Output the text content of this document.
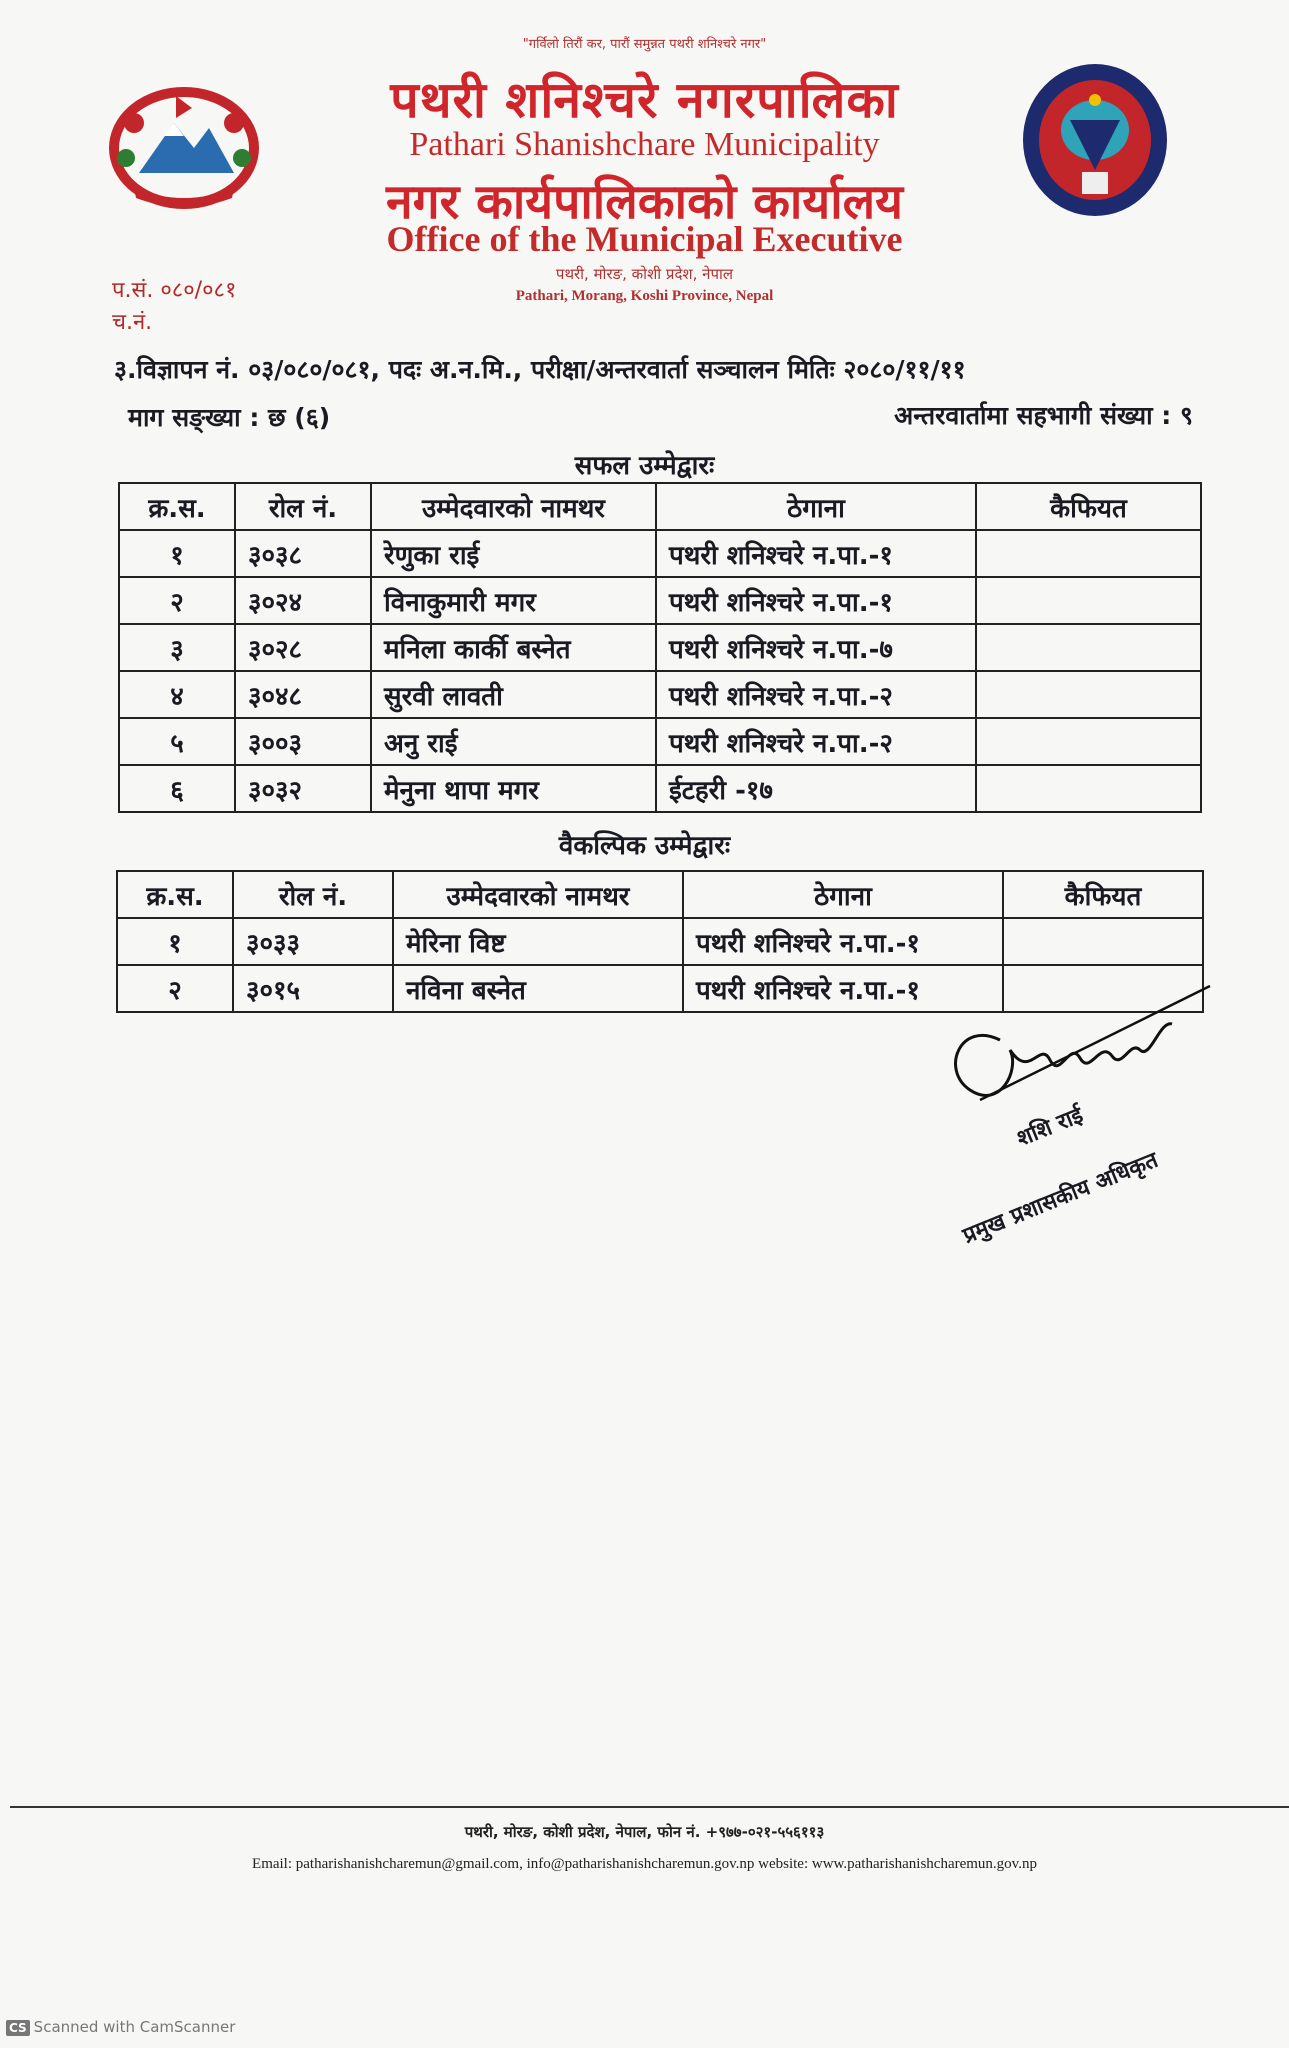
"गर्विलो तिरौं कर, पारौं समुन्नत पथरी शनिश्चरे नगर"
पथरी शनिश्चरे नगरपालिका
Pathari Shanishchare Municipality
नगर कार्यपालिकाको कार्यालय
Office of the Municipal Executive
पथरी, मोरङ, कोशी प्रदेश, नेपाल
Pathari, Morang, Koshi Province, Nepal
प.सं. ०८०/०८१
च.नं.
३.विज्ञापन नं. ०३/०८०/०८१, पदः अ.न.मि., परीक्षा/अन्तरवार्ता सञ्चालन मितिः २०८०/११/११
माग सङ्ख्या : छ (६)	अन्तरवार्तामा सहभागी संख्या : ९
सफल उम्मेद्वारः
क्र.स.	रोल नं.	उम्मेदवारको नामथर	ठेगाना	कैफियत
१	३०३८	रेणुका राई	पथरी शनिश्चरे न.पा.-१	
२	३०२४	विनाकुमारी मगर	पथरी शनिश्चरे न.पा.-१	
३	३०२८	मनिला कार्की बस्नेत	पथरी शनिश्चरे न.पा.-७	
४	३०४८	सुरवी लावती	पथरी शनिश्चरे न.पा.-२	
५	३००३	अनु राई	पथरी शनिश्चरे न.पा.-२	
६	३०३२	मेनुना थापा मगर	ईटहरी -१७	
वैकल्पिक उम्मेद्वारः
क्र.स.	रोल नं.	उम्मेदवारको नामथर	ठेगाना	कैफियत
१	३०३३	मेरिना विष्ट	पथरी शनिश्चरे न.पा.-१	
२	३०१५	नविना बस्नेत	पथरी शनिश्चरे न.पा.-१	
शशि राई
प्रमुख प्रशासकीय अधिकृत
पथरी, मोरङ, कोशी प्रदेश, नेपाल, फोन नं. +९७७-०२१-५५६११३
Email: patharishanishcharemun@gmail.com, info@patharishanishcharemun.gov.np website: www.patharishanishcharemun.gov.np
CS Scanned with CamScanner
